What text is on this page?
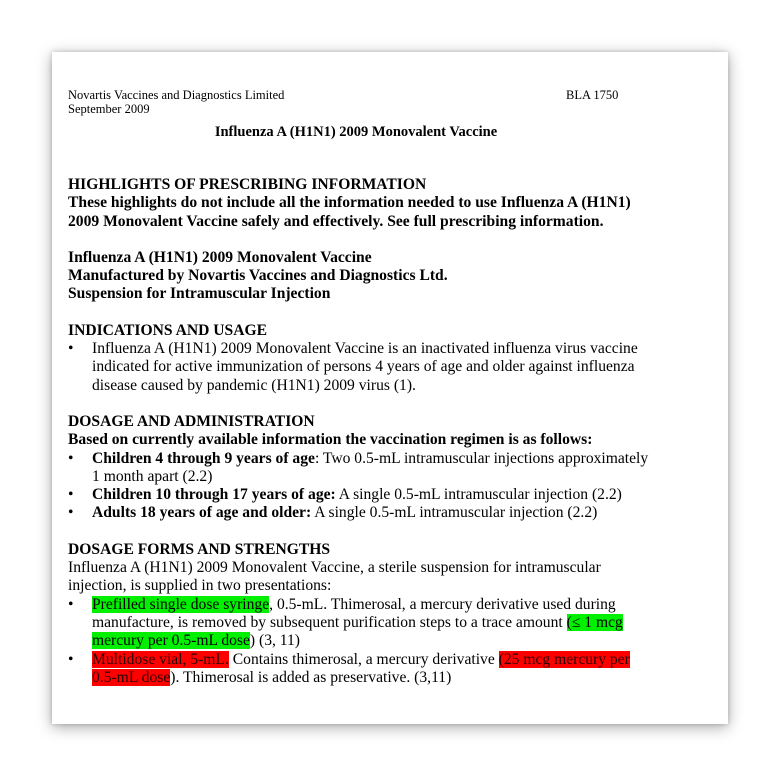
Novartis Vaccines and Diagnostics Limited
September 2009
BLA 1750
Influenza A (H1N1) 2009 Monovalent Vaccine
HIGHLIGHTS OF PRESCRIBING INFORMATION
These highlights do not include all the information needed to use Influenza A (H1N1) 2009 Monovalent Vaccine safely and effectively. See full prescribing information.
Influenza A (H1N1) 2009 Monovalent Vaccine
Manufactured by Novartis Vaccines and Diagnostics Ltd.
Suspension for Intramuscular Injection
INDICATIONS AND USAGE
• Influenza A (H1N1) 2009 Monovalent Vaccine is an inactivated influenza virus vaccine indicated for active immunization of persons 4 years of age and older against influenza disease caused by pandemic (H1N1) 2009 virus (1).
DOSAGE AND ADMINISTRATION
Based on currently available information the vaccination regimen is as follows:
• Children 4 through 9 years of age: Two 0.5-mL intramuscular injections approximately 1 month apart (2.2)
• Children 10 through 17 years of age: A single 0.5-mL intramuscular injection (2.2)
• Adults 18 years of age and older: A single 0.5-mL intramuscular injection (2.2)
DOSAGE FORMS AND STRENGTHS
Influenza A (H1N1) 2009 Monovalent Vaccine, a sterile suspension for intramuscular injection, is supplied in two presentations:
• Prefilled single dose syringe, 0.5-mL. Thimerosal, a mercury derivative used during manufacture, is removed by subsequent purification steps to a trace amount (≤ 1 mcg mercury per 0.5-mL dose) (3, 11)
• Multidose vial, 5-mL. Contains thimerosal, a mercury derivative (25 mcg mercury per 0.5-mL dose). Thimerosal is added as preservative. (3,11)
